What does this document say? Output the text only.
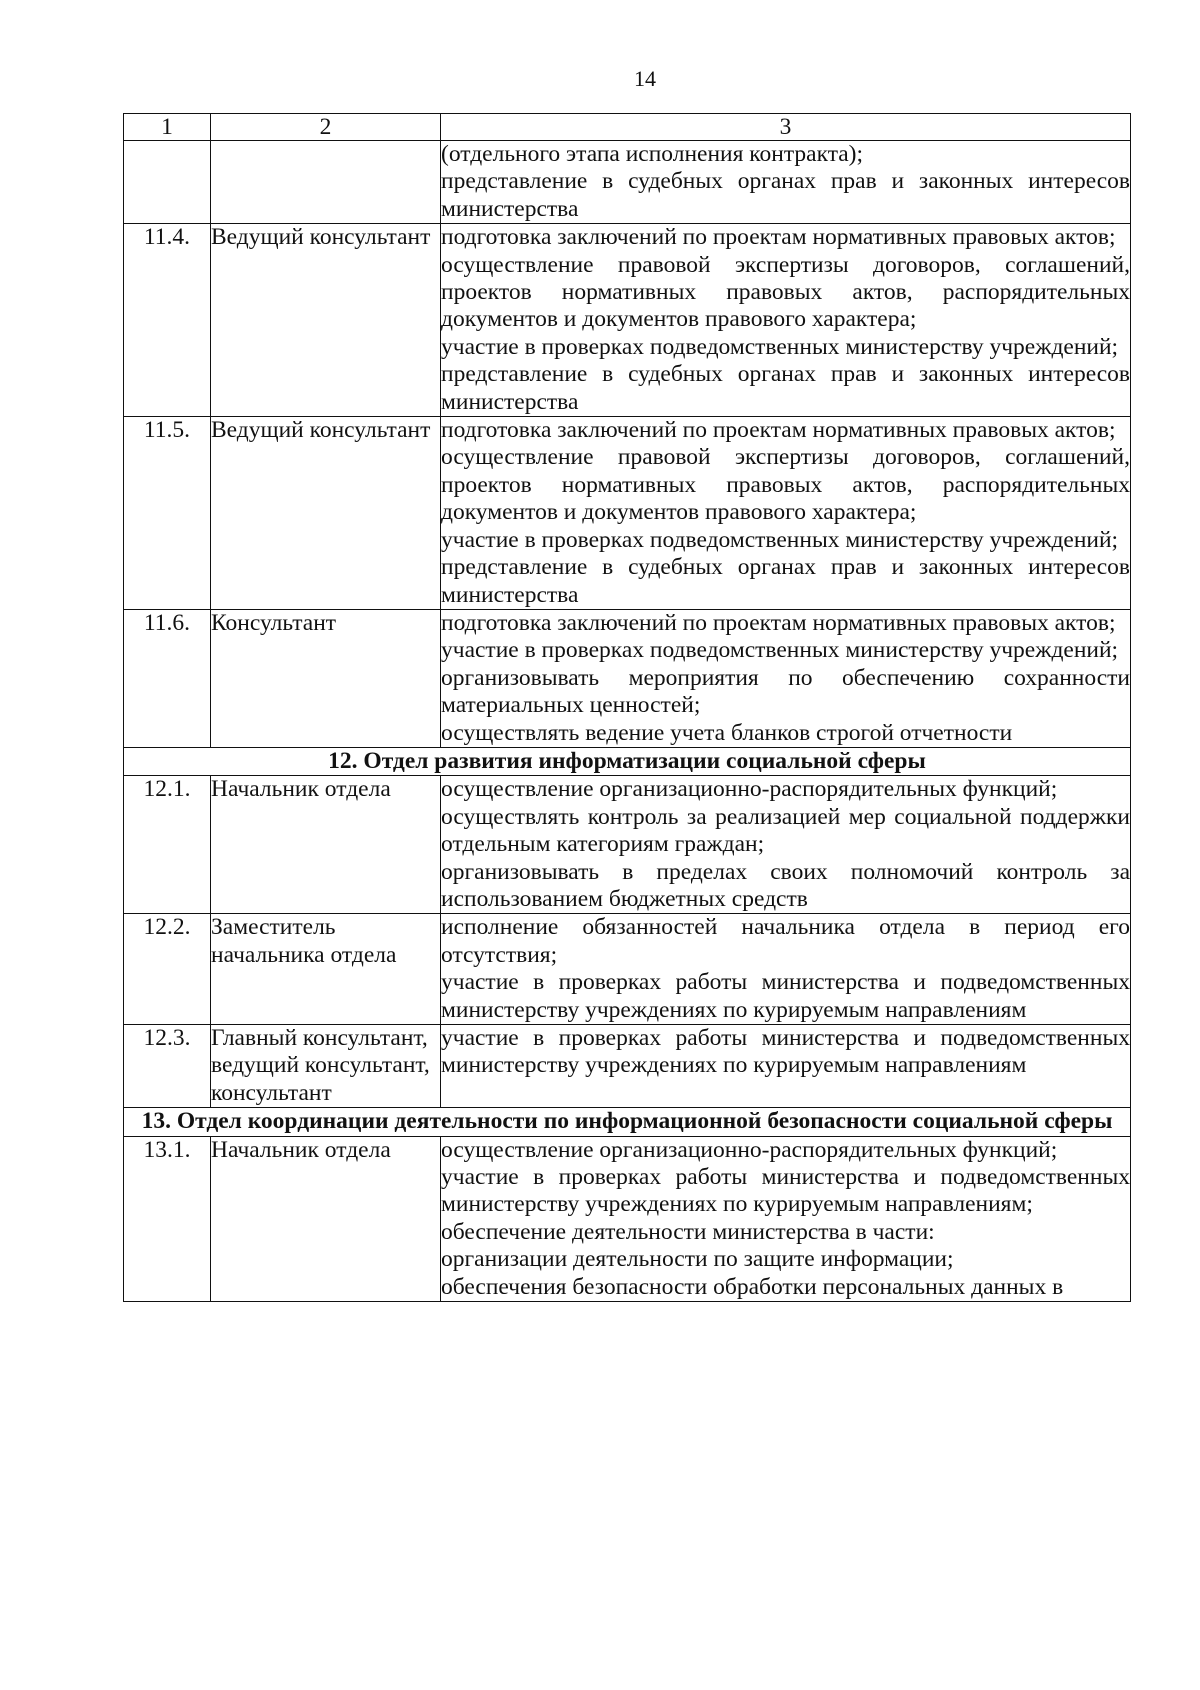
14
1	2	3

		(отдельного этапа исполнения контракта);

представление в судебных органах прав и законных интересов министерства

11.4.	Ведущий консультант	подготовка заключений по проектам нормативных правовых актов;

осуществление правовой экспертизы договоров, соглашений, проектов нормативных правовых актов, распорядительных документов и документов правового характера;

участие в проверках подведомственных министерству учреждений;

представление в судебных органах прав и законных интересов министерства

11.5.	Ведущий консультант	подготовка заключений по проектам нормативных правовых актов;

осуществление правовой экспертизы договоров, соглашений, проектов нормативных правовых актов, распорядительных документов и документов правового характера;

участие в проверках подведомственных министерству учреждений;

представление в судебных органах прав и законных интересов министерства

11.6.	Консультант	подготовка заключений по проектам нормативных правовых актов;

участие в проверках подведомственных министерству учреждений;

организовывать мероприятия по обеспечению сохранности материальных ценностей;

осуществлять ведение учета бланков строгой отчетности

12. Отдел развития информатизации социальной сферы		
12.1.	Начальник отдела	осуществление организационно-распорядительных функций;

осуществлять контроль за реализацией мер социальной поддержки отдельным категориям граждан;

организовывать в пределах своих полномочий контроль за использованием бюджетных средств

12.2.	Заместитель начальника отдела	исполнение обязанностей начальника отдела в период его отсутствия;

участие в проверках работы министерства и подведомственных министерству учреждениях по курируемым направлениям

12.3.	Главный консультант, ведущий консультант, консультант	участие в проверках работы министерства и подведомственных министерству учреждениях по курируемым направлениям

13. Отдел координации деятельности по информационной безопасности социальной сферы		
13.1.	Начальник отдела	осуществление организационно-распорядительных функций;

участие в проверках работы министерства и подведомственных министерству учреждениях по курируемым направлениям;

обеспечение деятельности министерства в части:

организации деятельности по защите информации;

обеспечения безопасности обработки персональных данных в
